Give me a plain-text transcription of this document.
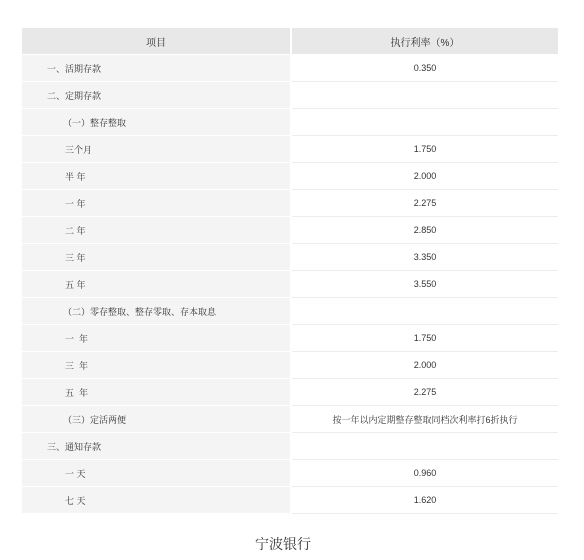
项目	执行利率（%）
一、活期存款	0.350
二、定期存款
（一）整存整取
三个月	1.750
半 年	2.000
一 年	2.275
二 年	2.850
三 年	3.350
五 年	3.550
（二）零存整取、整存零取、存本取息
一  年	1.750
三  年	2.000
五  年	2.275
（三）定活两便	按一年以内定期整存整取同档次利率打6折执行
三、通知存款
一 天	0.960
七 天	1.620
宁波银行
